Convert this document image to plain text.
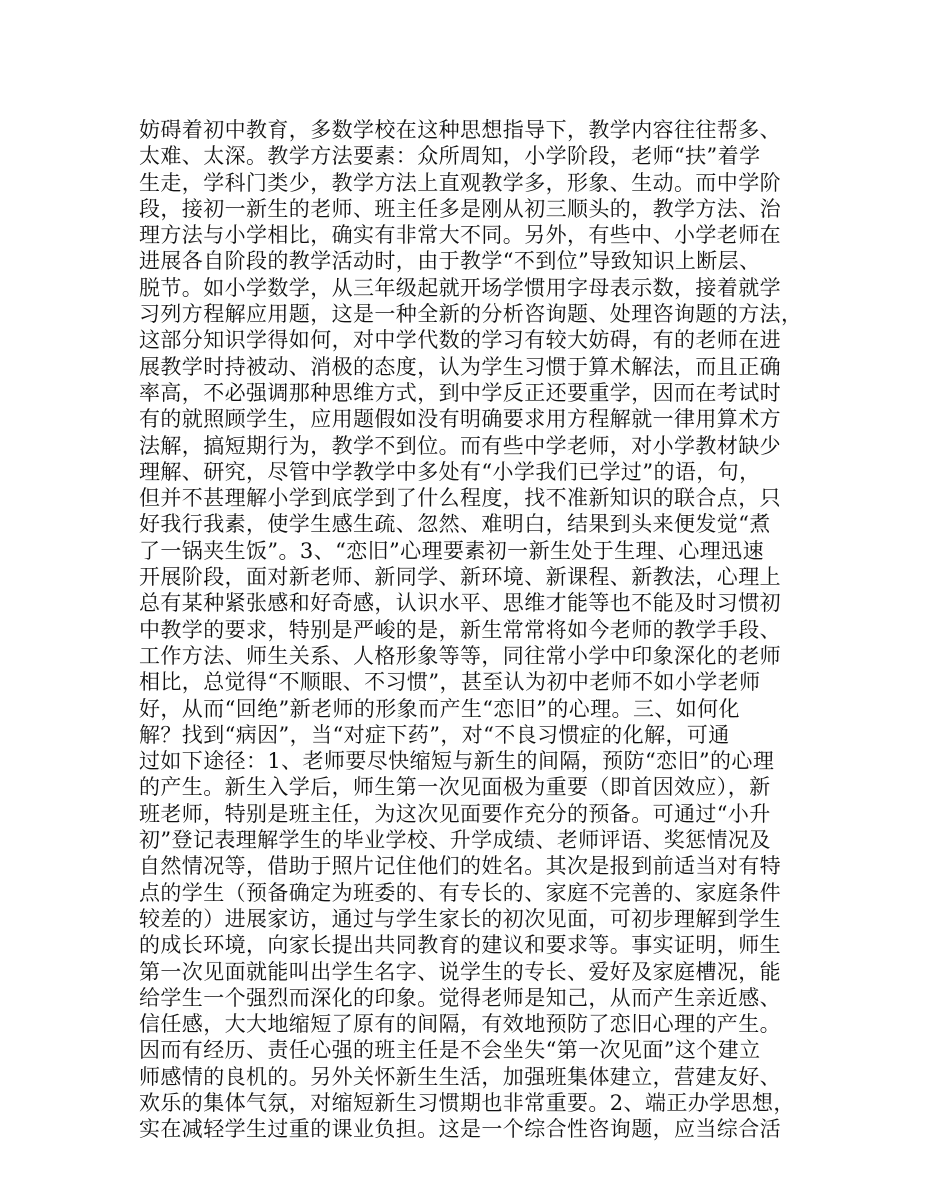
妨碍着初中教育，多数学校在这种思想指导下，教学内容往往帮多、
太难、太深。教学方法要素：众所周知，小学阶段，老师“扶”着学
生走，学科门类少，教学方法上直观教学多，形象、生动。而中学阶
段，接初一新生的老师、班主任多是刚从初三顺头的，教学方法、治
理方法与小学相比，确实有非常大不同。另外，有些中、小学老师在
进展各自阶段的教学活动时，由于教学“不到位”导致知识上断层、
脱节。如小学数学，从三年级起就开场学惯用字母表示数，接着就学
习列方程解应用题，这是一种全新的分析咨询题、处理咨询题的方法，
这部分知识学得如何，对中学代数的学习有较大妨碍，有的老师在进
展教学时持被动、消极的态度，认为学生习惯于算术解法，而且正确
率高，不必强调那种思维方式，到中学反正还要重学，因而在考试时
有的就照顾学生，应用题假如没有明确要求用方程解就一律用算术方
法解，搞短期行为，教学不到位。而有些中学老师，对小学教材缺少
理解、研究，尽管中学教学中多处有“小学我们已学过”的语，句，
但并不甚理解小学到底学到了什么程度，找不准新知识的联合点，只
好我行我素，使学生感生疏、忽然、难明白，结果到头来便发觉“煮
了一锅夹生饭”。3、“恋旧”心理要素初一新生处于生理、心理迅速
开展阶段，面对新老师、新同学、新环境、新课程、新教法，心理上
总有某种紧张感和好奇感，认识水平、思维才能等也不能及时习惯初
中教学的要求，特别是严峻的是，新生常常将如今老师的教学手段、
工作方法、师生关系、人格形象等等，同往常小学中印象深化的老师
相比，总觉得“不顺眼、不习惯”，甚至认为初中老师不如小学老师
好，从而“回绝”新老师的形象而产生“恋旧”的心理。三、如何化
解？找到“病因”，当“对症下药”，对“不良习惯症的化解，可通
过如下途径：1、老师要尽快缩短与新生的间隔，预防“恋旧”的心理
的产生。新生入学后，师生第一次见面极为重要（即首因效应），新
班老师，特别是班主任，为这次见面要作充分的预备。可通过“小升
初”登记表理解学生的毕业学校、升学成绩、老师评语、奖惩情况及
自然情况等，借助于照片记住他们的姓名。其次是报到前适当对有特
点的学生（预备确定为班委的、有专长的、家庭不完善的、家庭条件
较差的）进展家访，通过与学生家长的初次见面，可初步理解到学生
的成长环境，向家长提出共同教育的建议和要求等。事实证明，师生
第一次见面就能叫出学生名字、说学生的专长、爱好及家庭槽况，能
给学生一个强烈而深化的印象。觉得老师是知己，从而产生亲近感、
信任感，大大地缩短了原有的间隔，有效地预防了恋旧心理的产生。
因而有经历、责任心强的班主任是不会坐失“第一次见面”这个建立
师感情的良机的。另外关怀新生生活，加强班集体建立，营建友好、
欢乐的集体气氛，对缩短新生习惯期也非常重要。2、端正办学思想，
实在减轻学生过重的课业负担。这是一个综合性咨询题，应当综合活
